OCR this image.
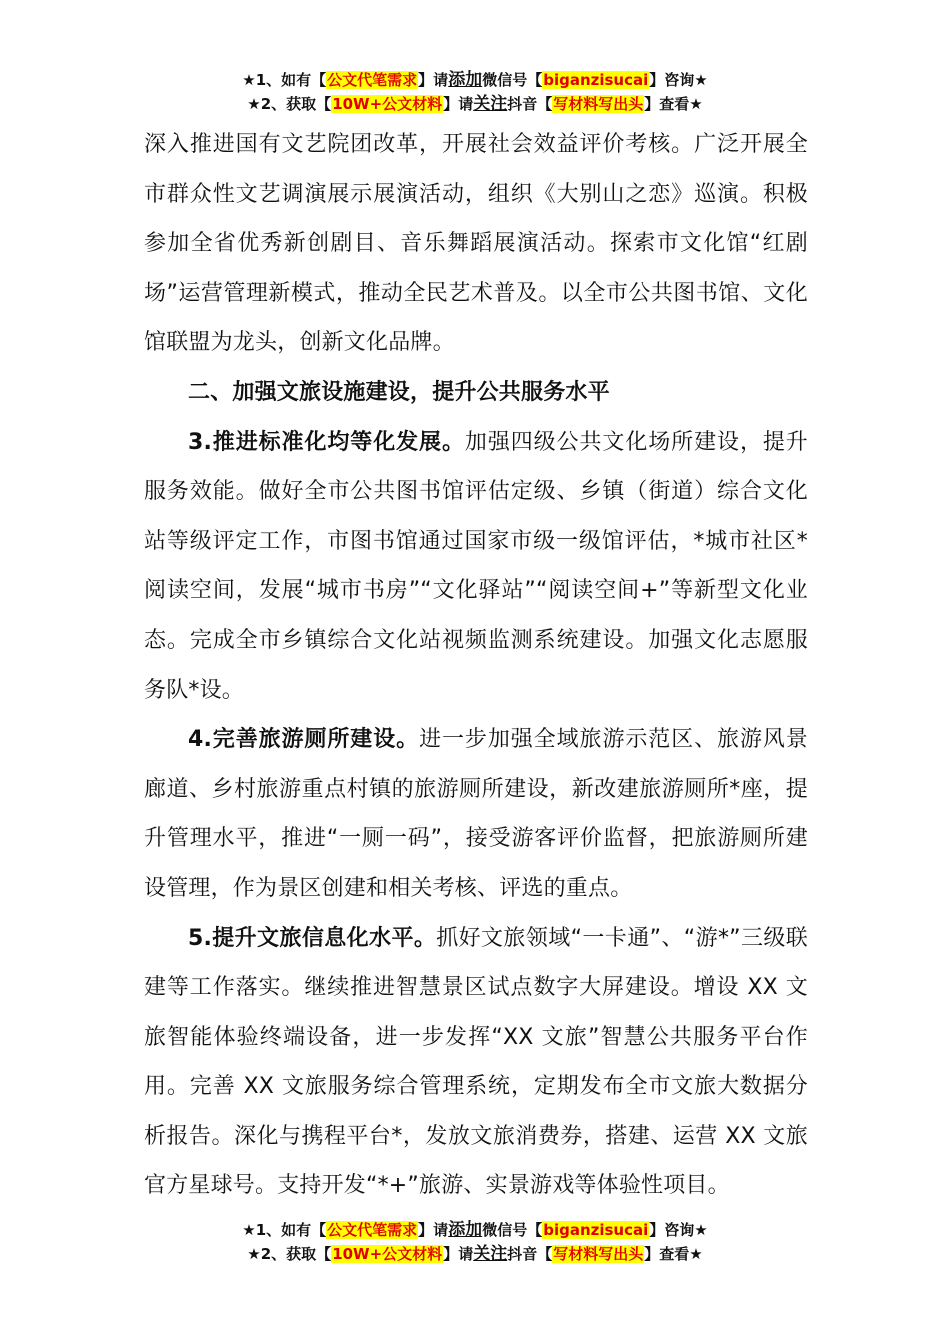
★1、如有【公文代笔需求】请添加微信号【biganzisucai】咨询★
★2、获取【10W+公文材料】请关注抖音【写材料写出头】查看★

深入推进国有文艺院团改革，开展社会效益评价考核。广泛开展全市群众性文艺调演展示展演活动，组织《大别山之恋》巡演。积极参加全省优秀新创剧目、音乐舞蹈展演活动。探索市文化馆“红剧场”运营管理新模式，推动全民艺术普及。以全市公共图书馆、文化馆联盟为龙头，创新文化品牌。

二、加强文旅设施建设，提升公共服务水平

3.推进标准化均等化发展。加强四级公共文化场所建设，提升服务效能。做好全市公共图书馆评估定级、乡镇（街道）综合文化站等级评定工作，市图书馆通过国家市级一级馆评估，*城市社区*阅读空间，发展“城市书房”“文化驿站”“阅读空间+”等新型文化业态。完成全市乡镇综合文化站视频监测系统建设。加强文化志愿服务队*设。

4.完善旅游厕所建设。进一步加强全域旅游示范区、旅游风景廊道、乡村旅游重点村镇的旅游厕所建设，新改建旅游厕所*座，提升管理水平，推进“一厕一码”，接受游客评价监督，把旅游厕所建设管理，作为景区创建和相关考核、评选的重点。

5.提升文旅信息化水平。抓好文旅领域“一卡通”、“游*”三级联建等工作落实。继续推进智慧景区试点数字大屏建设。增设 XX 文旅智能体验终端设备，进一步发挥“XX 文旅”智慧公共服务平台作用。完善 XX 文旅服务综合管理系统，定期发布全市文旅大数据分析报告。深化与携程平台*，发放文旅消费券，搭建、运营 XX 文旅官方星球号。支持开发“*+”旅游、实景游戏等体验性项目。

★1、如有【公文代笔需求】请添加微信号【biganzisucai】咨询★
★2、获取【10W+公文材料】请关注抖音【写材料写出头】查看★
